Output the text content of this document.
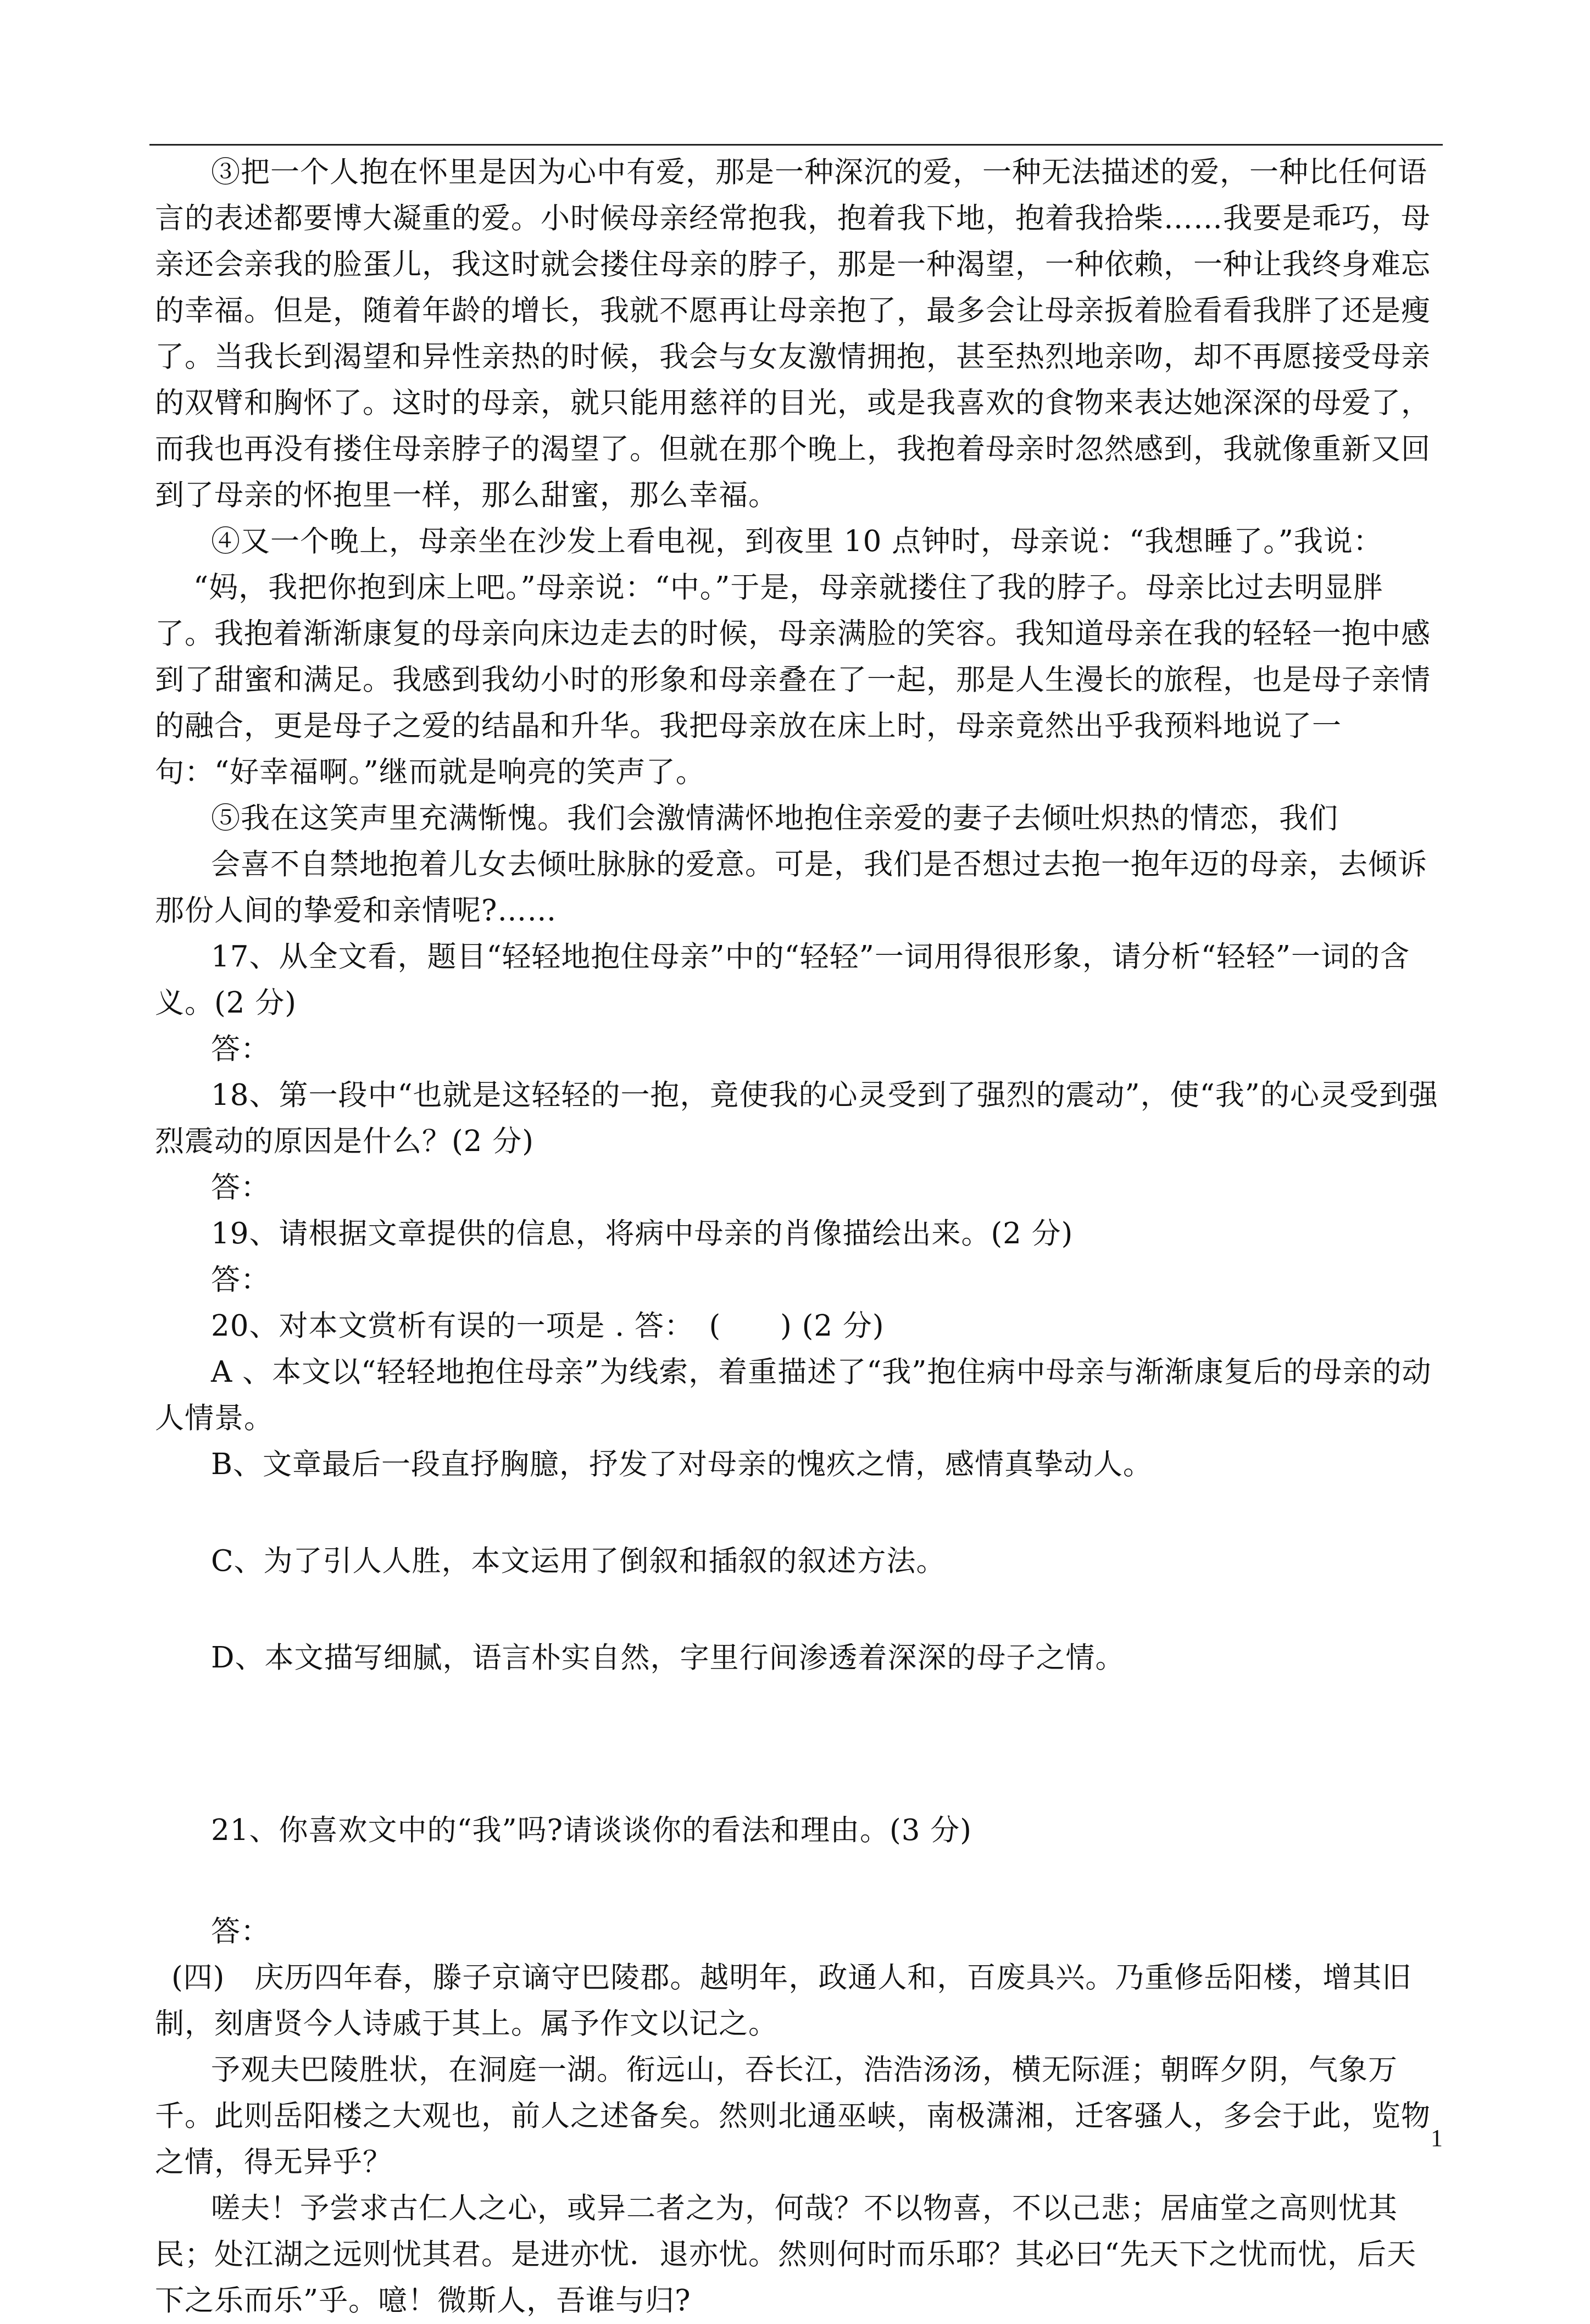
③把一个人抱在怀里是因为心中有爱，那是一种深沉的爱，一种无法描述的爱，一种比任何语言的表述都要博大凝重的爱。小时候母亲经常抱我，抱着我下地，抱着我拾柴……我要是乖巧，母亲还会亲我的脸蛋儿，我这时就会搂住母亲的脖子，那是一种渴望，一种依赖，一种让我终身难忘的幸福。但是，随着年龄的增长，我就不愿再让母亲抱了，最多会让母亲扳着脸看看我胖了还是瘦了。当我长到渴望和异性亲热的时候，我会与女友激情拥抱，甚至热烈地亲吻，却不再愿接受母亲的双臂和胸怀了。这时的母亲，就只能用慈祥的目光，或是我喜欢的食物来表达她深深的母爱了，而我也再没有搂住母亲脖子的渴望了。但就在那个晚上，我抱着母亲时忽然感到，我就像重新又回到了母亲的怀抱里一样，那么甜蜜，那么幸福。

④又一个晚上，母亲坐在沙发上看电视，到夜里 10 点钟时，母亲说：“我想睡了。”我说：

“妈，我把你抱到床上吧。”母亲说：“中。”于是，母亲就搂住了我的脖子。母亲比过去明显胖了。我抱着渐渐康复的母亲向床边走去的时候，母亲满脸的笑容。我知道母亲在我的轻轻一抱中感到了甜蜜和满足。我感到我幼小时的形象和母亲叠在了一起，那是人生漫长的旅程，也是母子亲情的融合，更是母子之爱的结晶和升华。我把母亲放在床上时，母亲竟然出乎我预料地说了一句：“好幸福啊。”继而就是响亮的笑声了。

⑤我在这笑声里充满惭愧。我们会激情满怀地抱住亲爱的妻子去倾吐炽热的情恋，我们

会喜不自禁地抱着儿女去倾吐脉脉的爱意。可是，我们是否想过去抱一抱年迈的母亲，去倾诉那份人间的挚爱和亲情呢?……

17、从全文看，题目“轻轻地抱住母亲”中的“轻轻”一词用得很形象，请分析“轻轻”一词的含义。(2 分)

答：

18、第一段中“也就是这轻轻的一抱，竟使我的心灵受到了强烈的震动”，使“我”的心灵受到强烈震动的原因是什么？(2 分)

答：

19、请根据文章提供的信息，将病中母亲的肖像描绘出来。(2 分)

答：

20、对本文赏析有误的一项是 . 答：　(　　) (2 分)

A 、本文以“轻轻地抱住母亲”为线索，着重描述了“我”抱住病中母亲与渐渐康复后的母亲的动人情景。

B、文章最后一段直抒胸臆，抒发了对母亲的愧疚之情，感情真挚动人。

C、为了引人人胜，本文运用了倒叙和插叙的叙述方法。

D、本文描写细腻，语言朴实自然，字里行间渗透着深深的母子之情。

21、你喜欢文中的“我”吗?请谈谈你的看法和理由。(3 分)

答：

(四)　庆历四年春，滕子京谪守巴陵郡。越明年，政通人和，百废具兴。乃重修岳阳楼，增其旧制，刻唐贤今人诗戚于其上。属予作文以记之。

予观夫巴陵胜状，在洞庭一湖。衔远山，吞长江，浩浩汤汤，横无际涯；朝晖夕阴，气象万千。此则岳阳楼之大观也，前人之述备矣。然则北通巫峡，南极潇湘，迁客骚人，多会于此，览物之情，得无异乎？

嗟夫！予尝求古仁人之心，或异二者之为，何哉？不以物喜，不以己悲；居庙堂之高则忧其民；处江湖之远则忧其君。是进亦忧．退亦忧。然则何时而乐耶？其必曰“先天下之忧而忧，后天下之乐而乐”乎。噫！微斯人，吾谁与归?

1
